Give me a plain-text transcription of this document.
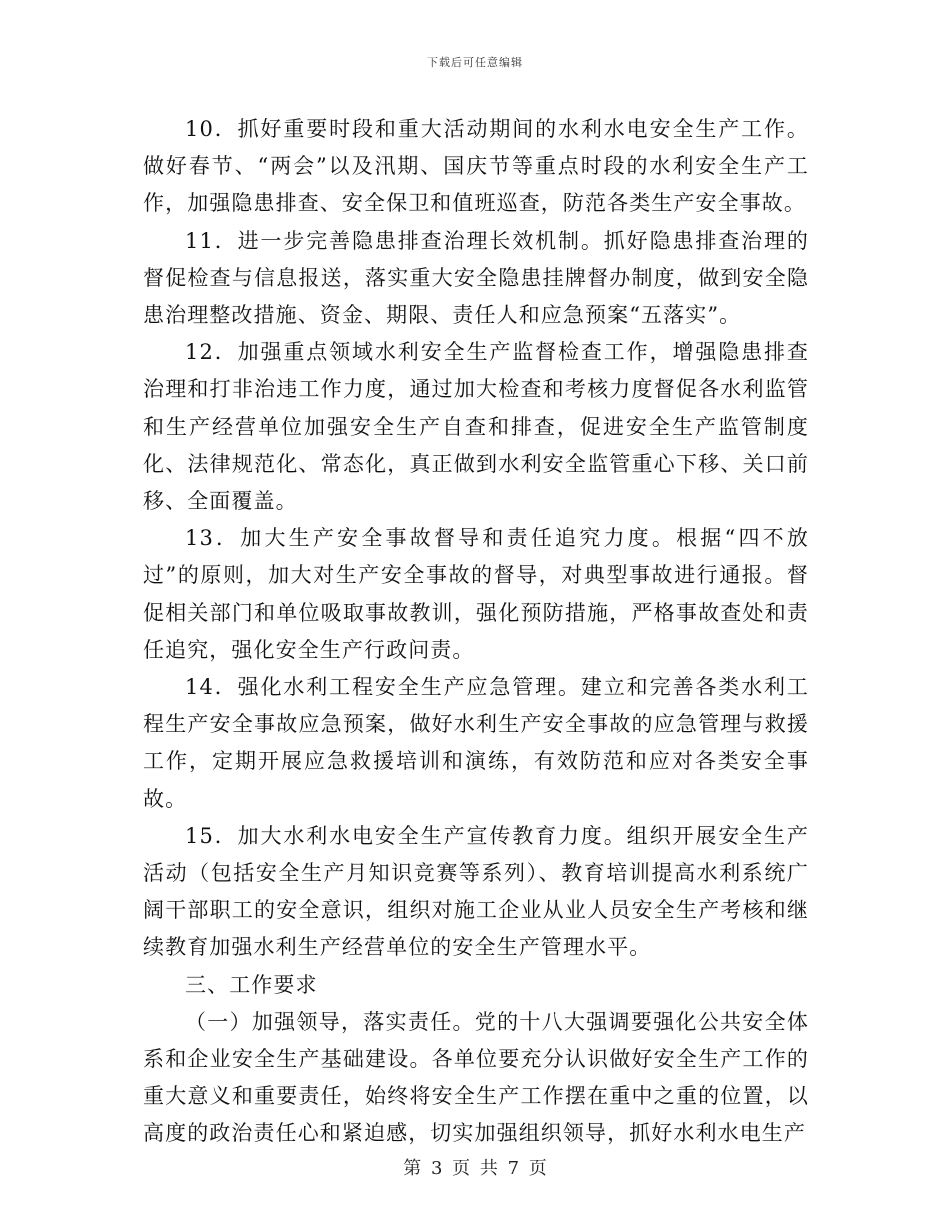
下载后可任意编辑

10．抓好重要时段和重大活动期间的水利水电安全生产工作。做好春节、“两会”以及汛期、国庆节等重点时段的水利安全生产工作，加强隐患排查、安全保卫和值班巡查，防范各类生产安全事故。

11．进一步完善隐患排查治理长效机制。抓好隐患排查治理的督促检查与信息报送，落实重大安全隐患挂牌督办制度，做到安全隐患治理整改措施、资金、期限、责任人和应急预案“五落实”。

12．加强重点领域水利安全生产监督检查工作，增强隐患排查治理和打非治违工作力度，通过加大检查和考核力度督促各水利监管和生产经营单位加强安全生产自查和排查，促进安全生产监管制度化、法律规范化、常态化，真正做到水利安全监管重心下移、关口前移、全面覆盖。

13．加大生产安全事故督导和责任追究力度。根据“四不放过”的原则，加大对生产安全事故的督导，对典型事故进行通报。督促相关部门和单位吸取事故教训，强化预防措施，严格事故查处和责任追究，强化安全生产行政问责。

14．强化水利工程安全生产应急管理。建立和完善各类水利工程生产安全事故应急预案，做好水利生产安全事故的应急管理与救援工作，定期开展应急救援培训和演练，有效防范和应对各类安全事故。

15．加大水利水电安全生产宣传教育力度。组织开展安全生产活动（包括安全生产月知识竞赛等系列）、教育培训提高水利系统广阔干部职工的安全意识，组织对施工企业从业人员安全生产考核和继续教育加强水利生产经营单位的安全生产管理水平。

三、工作要求

（一）加强领导，落实责任。党的十八大强调要强化公共安全体系和企业安全生产基础建设。各单位要充分认识做好安全生产工作的重大意义和重要责任，始终将安全生产工作摆在重中之重的位置，以高度的政治责任心和紧迫感，切实加强组织领导，抓好水利水电生产

第 3 页 共 7 页
